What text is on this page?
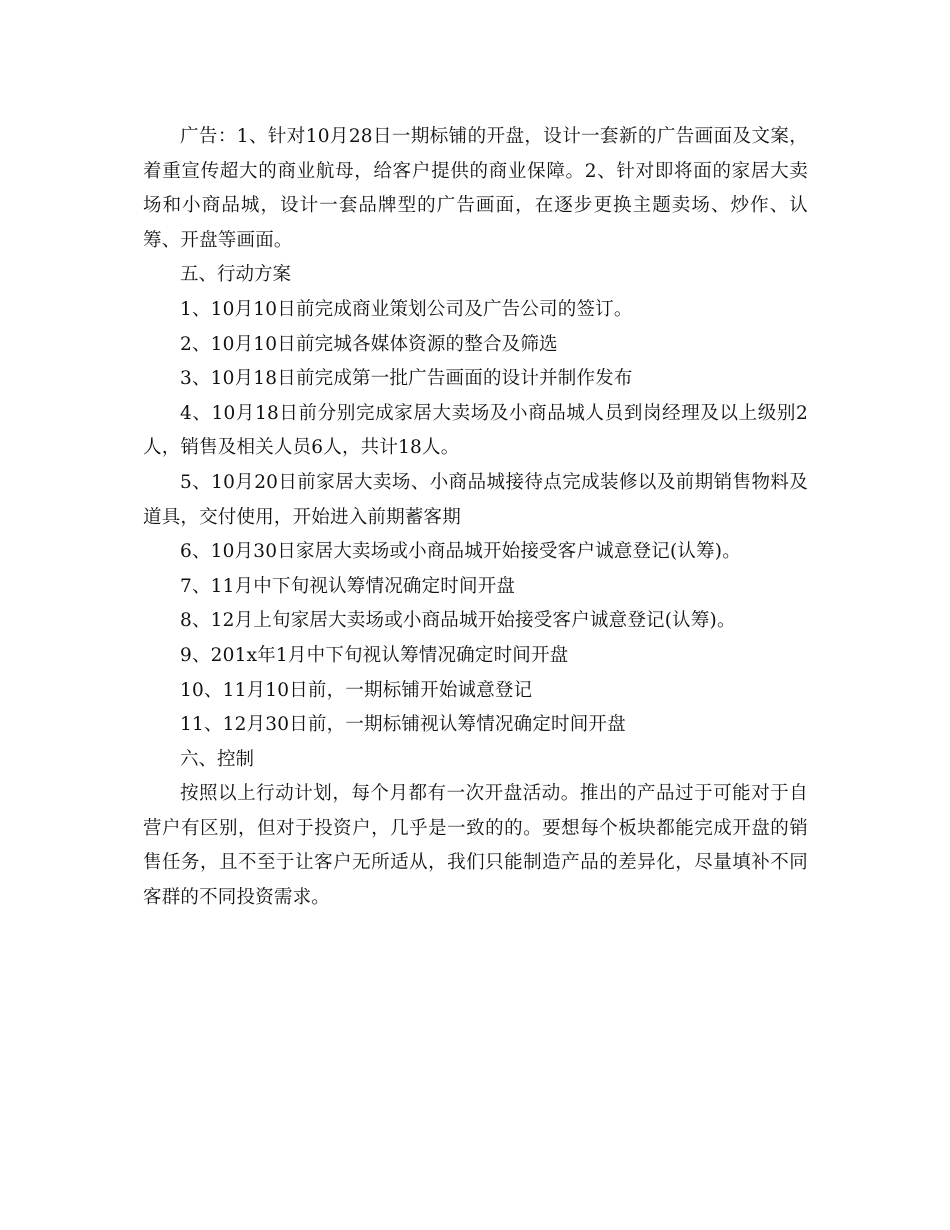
广告：1、针对10月28日一期标铺的开盘，设计一套新的广告画面及文案，着重宣传超大的商业航母，给客户提供的商业保障。2、针对即将面的家居大卖场和小商品城，设计一套品牌型的广告画面，在逐步更换主题卖场、炒作、认筹、开盘等画面。

五、行动方案

1、10月10日前完成商业策划公司及广告公司的签订。

2、10月10日前完城各媒体资源的整合及筛选

3、10月18日前完成第一批广告画面的设计并制作发布

4、10月18日前分别完成家居大卖场及小商品城人员到岗经理及以上级别2人，销售及相关人员6人，共计18人。

5、10月20日前家居大卖场、小商品城接待点完成装修以及前期销售物料及道具，交付使用，开始进入前期蓄客期

6、10月30日家居大卖场或小商品城开始接受客户诚意登记(认筹)。

7、11月中下旬视认筹情况确定时间开盘

8、12月上旬家居大卖场或小商品城开始接受客户诚意登记(认筹)。

9、201x年1月中下旬视认筹情况确定时间开盘

10、11月10日前，一期标铺开始诚意登记

11、12月30日前，一期标铺视认筹情况确定时间开盘

六、控制

按照以上行动计划，每个月都有一次开盘活动。推出的产品过于可能对于自营户有区别，但对于投资户，几乎是一致的的。要想每个板块都能完成开盘的销售任务，且不至于让客户无所适从，我们只能制造产品的差异化，尽量填补不同客群的不同投资需求。
